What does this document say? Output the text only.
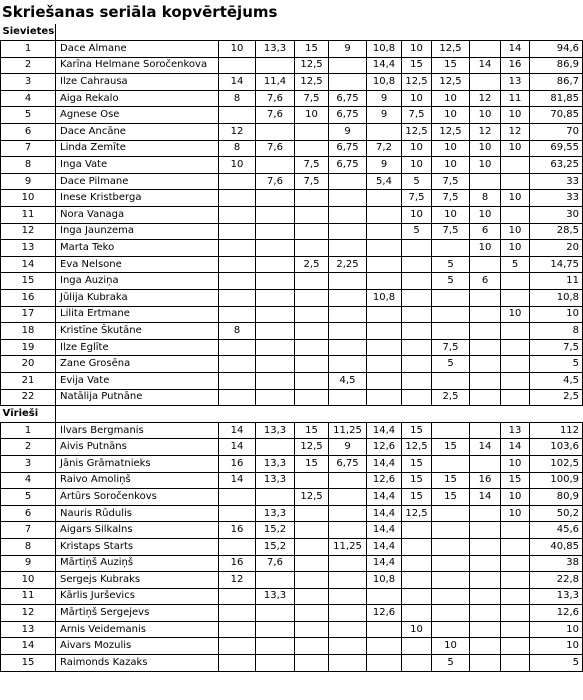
Skriešanas seriāla kopvērtējums
Sievietes											
1	Dace Almane	10	13,3	15	9	10,8	10	12,5		14	94,6
2	Karīna Helmane Soročenkova			12,5		14,4	15	15	14	16	86,9
3	Ilze Cahrausa	14	11,4	12,5		10,8	12,5	12,5		13	86,7
4	Aiga Rekalo	8	7,6	7,5	6,75	9	10	10	12	11	81,85
5	Agnese Ose		7,6	10	6,75	9	7,5	10	10	10	70,85
6	Dace Ancāne	12			9		12,5	12,5	12	12	70
7	Linda Zemīte	8	7,6		6,75	7,2	10	10	10	10	69,55
8	Inga Vate	10		7,5	6,75	9	10	10	10		63,25
9	Dace Pilmane		7,6	7,5		5,4	5	7,5			33
10	Inese Kristberga						7,5	7,5	8	10	33
11	Nora Vanaga						10	10	10		30
12	Inga Jaunzema						5	7,5	6	10	28,5
13	Marta Teko								10	10	20
14	Eva Nelsone			2,5	2,25			5		5	14,75
15	Inga Auziņa							5	6		11
16	Jūlija Kubraka					10,8					10,8
17	Lilita Ertmane									10	10
18	Kristīne Škutāne	8									8
19	Ilze Eglīte							7,5			7,5
20	Zane Grosēna							5			5
21	Evija Vate				4,5						4,5
22	Natālija Putnāne							2,5			2,5
Vīrieši											
1	Ilvars Bergmanis	14	13,3	15	11,25	14,4	15			13	112
2	Aivis Putnāns	14		12,5	9	12,6	12,5	15	14	14	103,6
3	Jānis Grāmatnieks	16	13,3	15	6,75	14,4	15			10	102,5
4	Raivo Amoliņš	14	13,3			12,6	15	15	16	15	100,9
5	Artūrs Soročenkovs			12,5		14,4	15	15	14	10	80,9
6	Nauris Rūdulis		13,3			14,4	12,5			10	50,2
7	Aigars Silkalns	16	15,2			14,4					45,6
8	Kristaps Starts		15,2		11,25	14,4					40,85
9	Mārtiņš Auziņš	16	7,6			14,4					38
10	Sergejs Kubraks	12				10,8					22,8
11	Kārlis Jurševics		13,3								13,3
12	Mārtiņš Sergejevs					12,6					12,6
13	Arnis Veidemanis						10				10
14	Aivars Mozulis							10			10
15	Raimonds Kazaks							5			5
